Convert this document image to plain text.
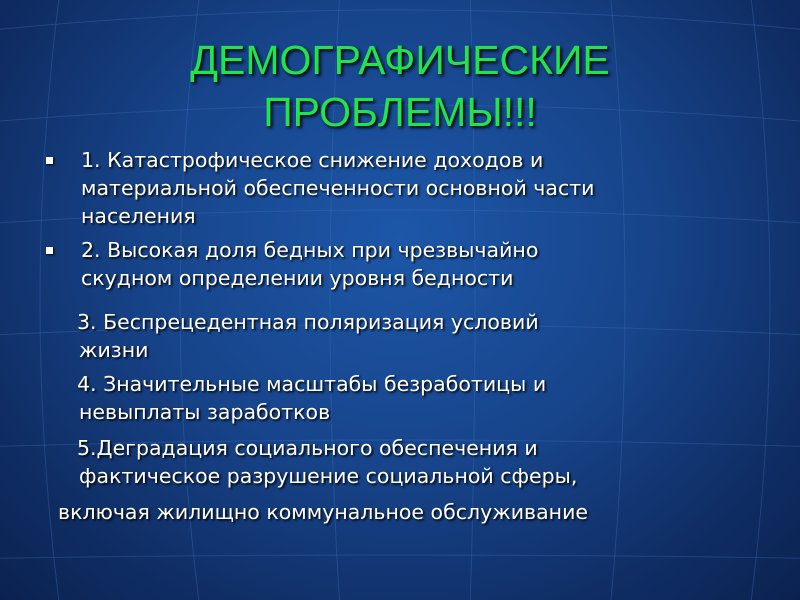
ДЕМОГРАФИЧЕСКИЕ
ПРОБЛЕМЫ!!!
1. Катастрофическое снижение доходов и
материальной обеспеченности основной части
населения
2. Высокая доля бедных при чрезвычайно
скудном определении уровня бедности
3. Беспрецедентная поляризация условий
жизни
4. Значительные масштабы безработицы и
невыплаты заработков
5.Деградация социального обеспечения и
фактическое разрушение социальной сферы,
включая жилищно коммунальное обслуживание
